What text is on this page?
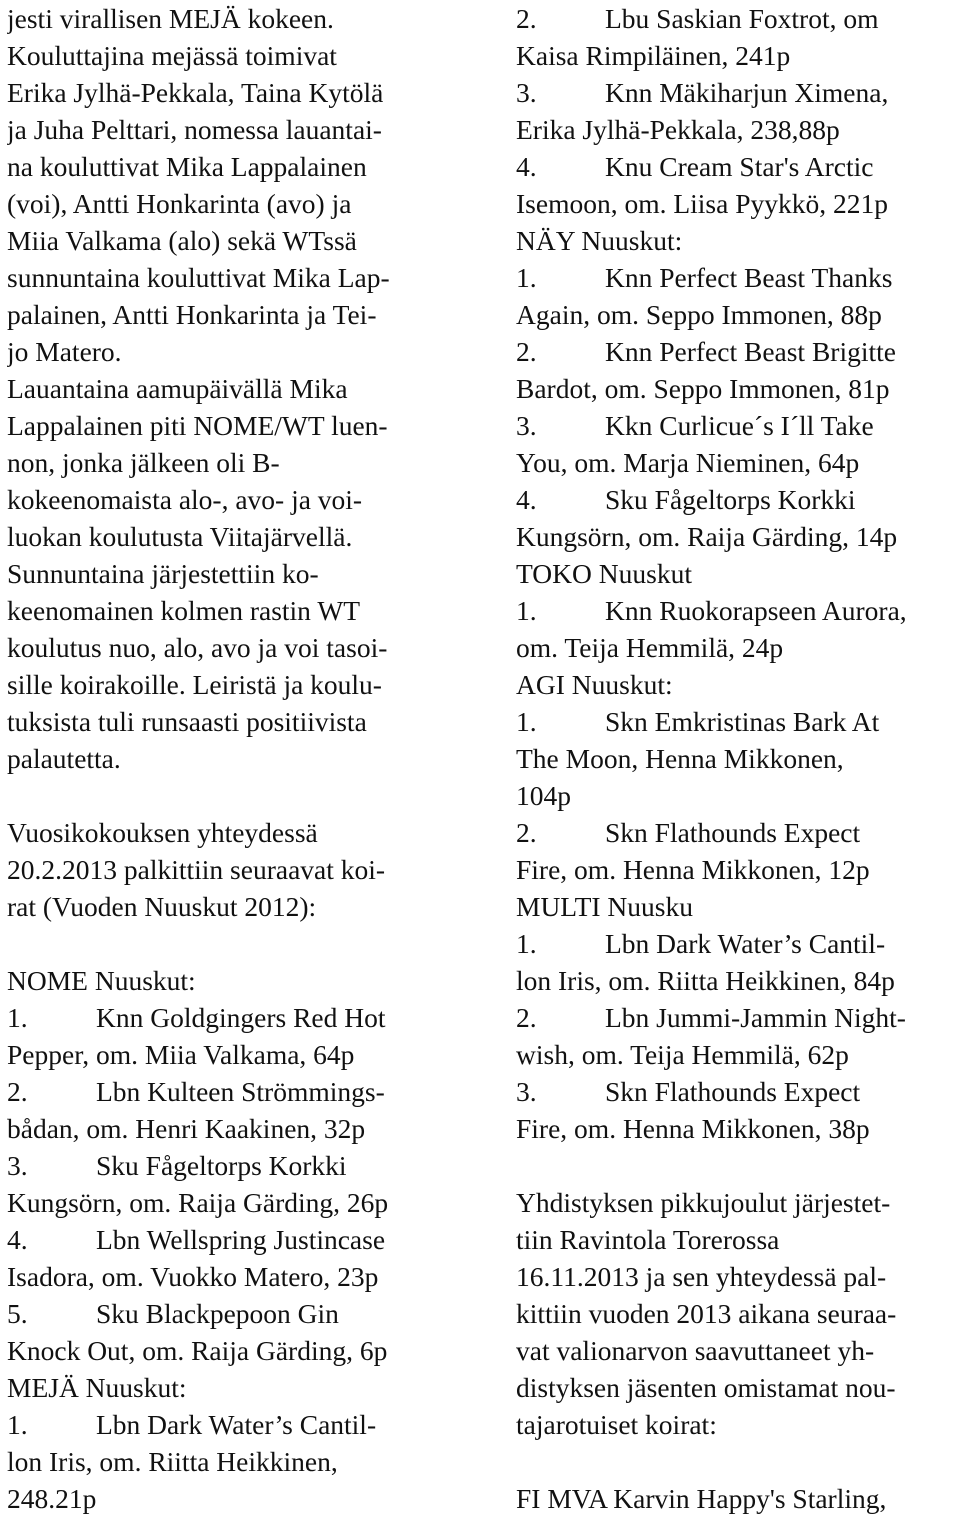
jesti virallisen MEJÄ kokeen.
Kouluttajina mejässä toimivat
Erika Jylhä-Pekkala, Taina Kytölä
ja Juha Pelttari, nomessa lauantai-
na kouluttivat Mika Lappalainen
(voi), Antti Honkarinta (avo) ja
Miia Valkama (alo) sekä WTssä
sunnuntaina kouluttivat Mika Lap-
palainen, Antti Honkarinta ja Tei-
jo Matero.
Lauantaina aamupäivällä Mika
Lappalainen piti NOME/WT luen-
non, jonka jälkeen oli B-
kokeenomaista alo-, avo- ja voi-
luokan koulutusta Viitajärvellä.
Sunnuntaina järjestettiin ko-
keenomainen kolmen rastin WT
koulutus nuo, alo, avo ja voi tasoi-
sille koirakoille. Leiristä ja koulu-
tuksista tuli runsaasti positiivista
palautetta.
Vuosikokouksen yhteydessä
20.2.2013 palkittiin seuraavat koi-
rat (Vuoden Nuuskut 2012):
NOME Nuuskut:
1.	Knn Goldgingers Red Hot
Pepper, om. Miia Valkama, 64p
2.	Lbn Kulteen Strömmings-
bådan, om. Henri Kaakinen, 32p
3.	Sku Fågeltorps Korkki
Kungsörn, om. Raija Gärding, 26p
4.	Lbn Wellspring Justincase
Isadora, om. Vuokko Matero, 23p
5.	Sku Blackpepoon Gin
Knock Out, om. Raija Gärding, 6p
MEJÄ Nuuskut:
1.	Lbn Dark Water’s Cantil-
lon Iris, om. Riitta Heikkinen,
248.21p
2.	Lbu Saskian Foxtrot, om
Kaisa Rimpiläinen, 241p
3.	Knn Mäkiharjun Ximena,
Erika Jylhä-Pekkala, 238,88p
4.	Knu Cream Star's Arctic
Isemoon, om. Liisa Pyykkö, 221p
NÄY Nuuskut:
1.	Knn Perfect Beast Thanks
Again, om. Seppo Immonen, 88p
2.	Knn Perfect Beast Brigitte
Bardot, om. Seppo Immonen, 81p
3.	Kkn Curlicue´s I´ll Take
You, om. Marja Nieminen, 64p
4.	Sku Fågeltorps Korkki
Kungsörn, om. Raija Gärding, 14p
TOKO Nuuskut
1.	Knn Ruokorapseen Aurora,
om. Teija Hemmilä, 24p
AGI Nuuskut:
1.	Skn Emkristinas Bark At
The Moon, Henna Mikkonen,
104p
2.	Skn Flathounds Expect
Fire, om. Henna Mikkonen, 12p
MULTI Nuusku
1.	Lbn Dark Water’s Cantil-
lon Iris, om. Riitta Heikkinen, 84p
2.	Lbn Jummi-Jammin Night-
wish, om. Teija Hemmilä, 62p
3.	Skn Flathounds Expect
Fire, om. Henna Mikkonen, 38p
Yhdistyksen pikkujoulut järjestet-
tiin Ravintola Torerossa
16.11.2013 ja sen yhteydessä pal-
kittiin vuoden 2013 aikana seuraa-
vat valionarvon saavuttaneet yh-
distyksen jäsenten omistamat nou-
tajarotuiset koirat:
FI MVA Karvin Happy's Starling,
